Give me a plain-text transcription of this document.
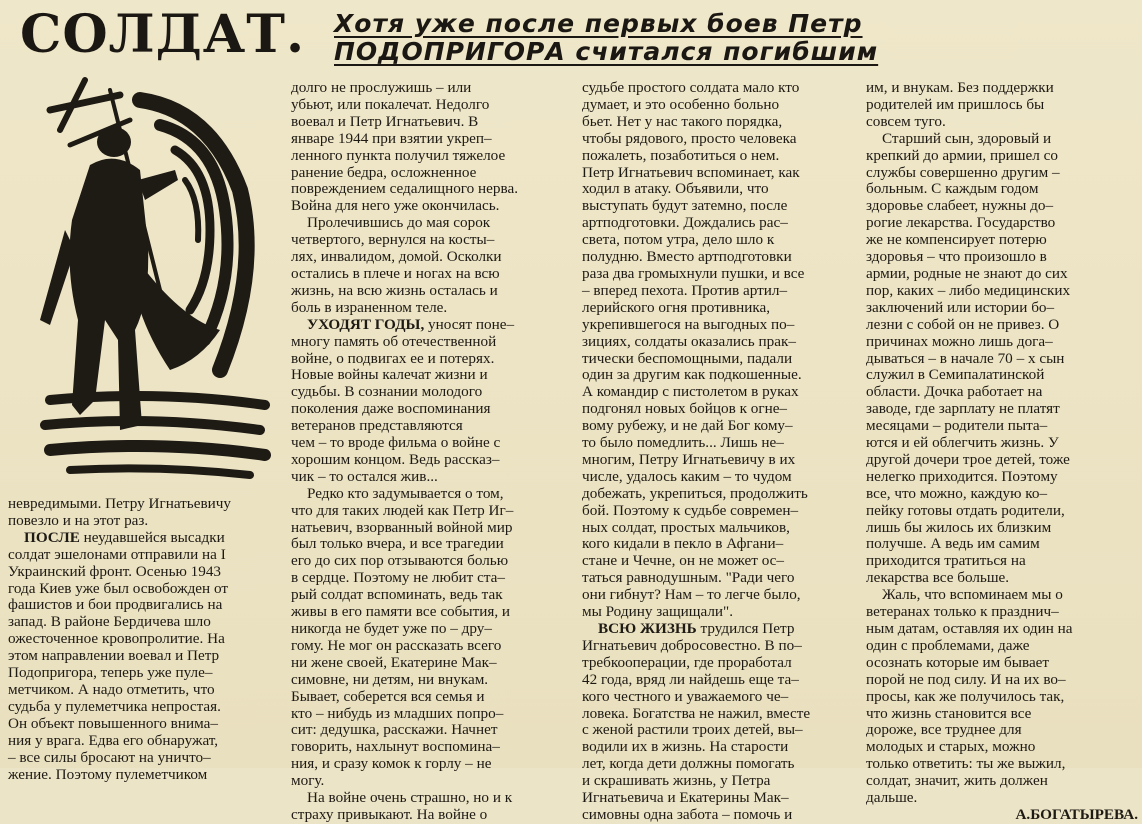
СОЛДАТ. Хотя уже после первых боев Петр
ПОДОПРИГОРА считался погибшим

невредимыми. Петру Игнатьевичу

повезло и на этот раз.

ПОСЛЕ неудавшейся высадки

солдат эшелонами отправили на I

Украинский фронт. Осенью 1943

года Киев уже был освобожден от

фашистов и бои продвигались на

запад. В районе Бердичева шло

ожесточенное кровопролитие. На

этом направлении воевал и Петр

Подопригора, теперь уже пуле–

метчиком. А надо отметить, что

судьба у пулеметчика непростая.

Он объект повышенного внима–

ния у врага. Едва его обнаружат,

– все силы бросают на уничто–

жение. Поэтому пулеметчиком

долго не прослужишь – или

убьют, или покалечат. Недолго

воевал и Петр Игнатьевич. В

январе 1944 при взятии укреп–

ленного пункта получил тяжелое

ранение бедра, осложненное

повреждением седалищного нерва.

Война для него уже окончилась.

Пролечившись до мая сорок

четвертого, вернулся на косты–

лях, инвалидом, домой. Осколки

остались в плече и ногах на всю

жизнь, на всю жизнь осталась и

боль в израненном теле.

УХОДЯТ ГОДЫ, уносят поне–

многу память об отечественной

войне, о подвигах ее и потерях.

Новые войны калечат жизни и

судьбы. В сознании молодого

поколения даже воспоминания

ветеранов представляются

чем – то вроде фильма о войне с

хорошим концом. Ведь рассказ–

чик – то остался жив...

Редко кто задумывается о том,

что для таких людей как Петр Иг–

натьевич, взорванный войной мир

был только вчера, и все трагедии

его до сих пор отзываются болью

в сердце. Поэтому не любит ста–

рый солдат вспоминать, ведь так

живы в его памяти все события, и

никогда не будет уже по – дру–

гому. Не мог он рассказать всего

ни жене своей, Екатерине Мак–

симовне, ни детям, ни внукам.

Бывает, соберется вся семья и

кто – нибудь из младших попро–

сит: дедушка, расскажи. Начнет

говорить, нахлынут воспомина–

ния, и сразу комок к горлу – не

могу.

На войне очень страшно, но и к

страху привыкают. На войне о

судьбе простого солдата мало кто

думает, и это особенно больно

бьет. Нет у нас такого порядка,

чтобы рядового, просто человека

пожалеть, позаботиться о нем.

Петр Игнатьевич вспоминает, как

ходил в атаку. Объявили, что

выступать будут затемно, после

артподготовки. Дождались рас–

света, потом утра, дело шло к

полудню. Вместо артподготовки

раза два громыхнули пушки, и все

– вперед пехота. Против артил–

лерийского огня противника,

укрепившегося на выгодных по–

зициях, солдаты оказались прак–

тически беспомощными, падали

один за другим как подкошенные.

А командир с пистолетом в руках

подгонял новых бойцов к огне–

вому рубежу, и не дай Бог кому–

то было помедлить... Лишь не–

многим, Петру Игнатьевичу в их

числе, удалось каким – то чудом

добежать, укрепиться, продолжить

бой. Поэтому к судьбе современ–

ных солдат, простых мальчиков,

кого кидали в пекло в Афгани–

стане и Чечне, он не может ос–

таться равнодушным. "Ради чего

они гибнут? Нам – то легче было,

мы Родину защищали".

ВСЮ ЖИЗНЬ трудился Петр

Игнатьевич добросовестно. В по–

требкооперации, где проработал

42 года, вряд ли найдешь еще та–

кого честного и уважаемого че–

ловека. Богатства не нажил, вместе

с женой растили троих детей, вы–

водили их в жизнь. На старости

лет, когда дети должны помогать

и скрашивать жизнь, у Петра

Игнатьевича и Екатерины Мак–

симовны одна забота – помочь и

им, и внукам. Без поддержки

родителей им пришлось бы

совсем туго.

Старший сын, здоровый и

крепкий до армии, пришел со

службы совершенно другим –

больным. С каждым годом

здоровье слабеет, нужны до–

рогие лекарства. Государство

же не компенсирует потерю

здоровья – что произошло в

армии, родные не знают до сих

пор, каких – либо медицинских

заключений или истории бо–

лезни с собой он не привез. О

причинах можно лишь дога–

дываться – в начале 70 – х сын

служил в Семипалатинской

области. Дочка работает на

заводе, где зарплату не платят

месяцами – родители пыта–

ются и ей облегчить жизнь. У

другой дочери трое детей, тоже

нелегко приходится. Поэтому

все, что можно, каждую ко–

пейку готовы отдать родители,

лишь бы жилось их близким

получше. А ведь им самим

приходится тратиться на

лекарства все больше.

Жаль, что вспоминаем мы о

ветеранах только к празднич–

ным датам, оставляя их один на

один с проблемами, даже

осознать которые им бывает

порой не под силу. И на их во–

просы, как же получилось так,

что жизнь становится все

дороже, все труднее для

молодых и старых, можно

только ответить: ты же выжил,

солдат, значит, жить должен

дальше.

А.БОГАТЫРЕВА.
